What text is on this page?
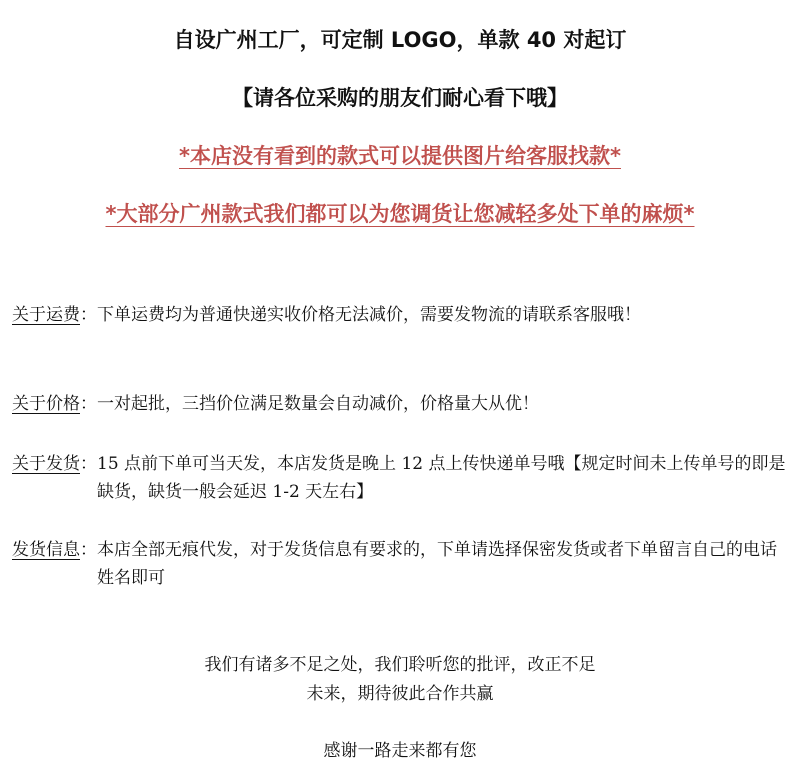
自设广州工厂，可定制 LOGO，单款 40 对起订
【请各位采购的朋友们耐心看下哦】
*本店没有看到的款式可以提供图片给客服找款*
*大部分广州款式我们都可以为您调货让您减轻多处下单的麻烦*
关于运费 ： 下单运费均为普通快递实收价格无法减价，需要发物流的请联系客服哦！
关于价格 ： 一对起批，三挡价位满足数量会自动减价，价格量大从优！
关于发货 ： 15 点前下单可当天发，本店发货是晚上 12 点上传快递单号哦【规定时间未上传单号的即是缺货，缺货一般会延迟 1-2 天左右】
发货信息 ： 本店全部无痕代发，对于发货信息有要求的，下单请选择保密发货或者下单留言自己的电话姓名即可
我们有诸多不足之处，我们聆听您的批评，改正不足
未来，期待彼此合作共赢
感谢一路走来都有您
